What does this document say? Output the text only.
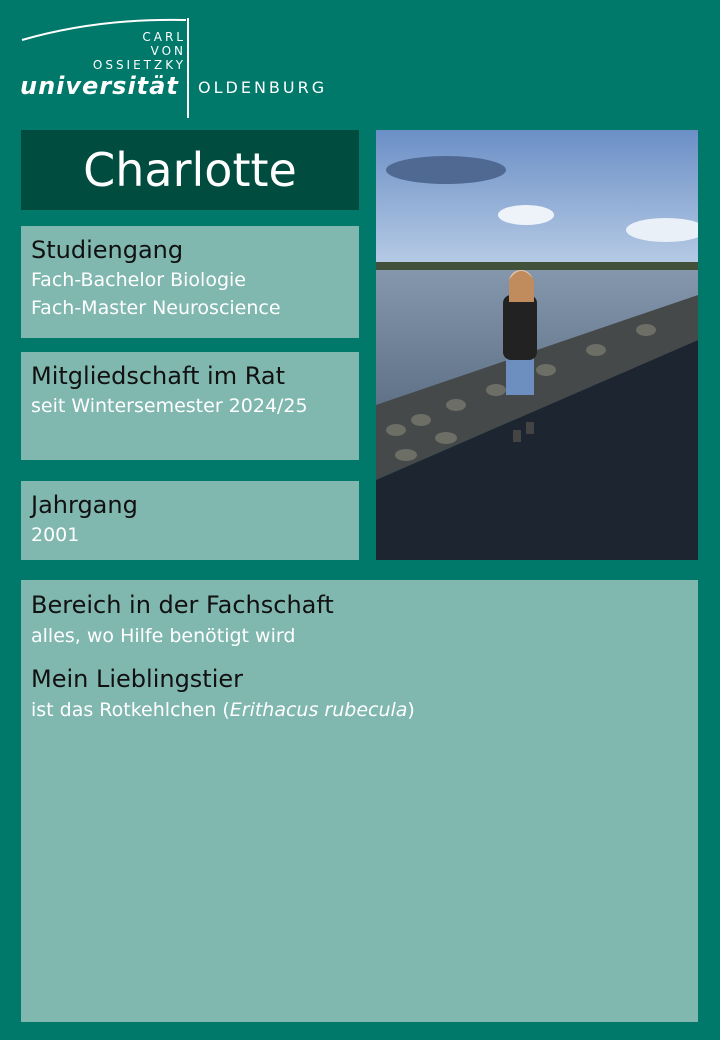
CARL
VON
OSSIETZKY
universität OLDENBURG
Charlotte
Studiengang
Fach-Bachelor Biologie
Fach-Master Neuroscience
Mitgliedschaft im Rat
seit Wintersemester 2024/25
Jahrgang
2001
Bereich in der Fachschaft
alles, wo Hilfe benötigt wird
Mein Lieblingstier
ist das Rotkehlchen (Erithacus rubecula)
